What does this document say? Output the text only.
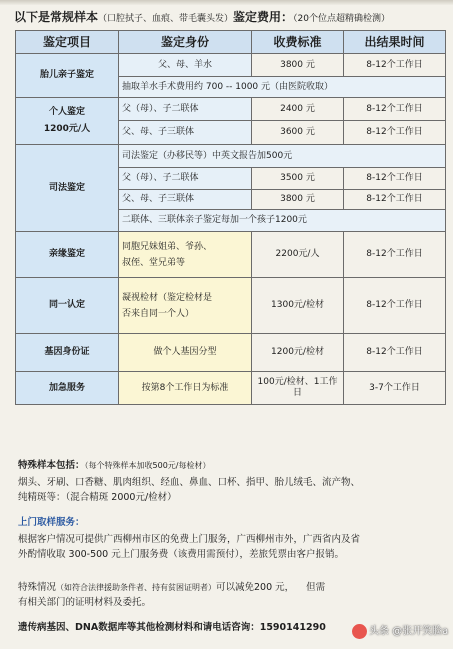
以下是常规样本（口腔拭子、血痕、带毛囊头发）鉴定费用：（20个位点超精确检测）
鉴定项目	鉴定身份	收费标准	出结果时间
胎儿亲子鉴定	父、母、羊水	3800 元	8-12个工作日
	抽取羊水手术费用约 700 -- 1000 元（由医院收取）		

个人鉴定
1200元/人	父（母）、子二联体	2400 元	8-12个工作日
	父、母、子三联体	3600 元	8-12个工作日
司法鉴定	司法鉴定（办移民等）中英文报告加500元		
	父（母）、子二联体	3500 元	8-12个工作日
	父、母、子三联体	3800 元	8-12个工作日
	二联体、三联体亲子鉴定每加一个孩子1200元		
亲缘鉴定	同胞兄妹姐弟、爷孙、
叔侄、堂兄弟等	2200元/人	8-12个工作日
同一认定	凝视检材（鉴定检材是
否来自同一个人）	1300元/检材	8-12个工作日
基因身份证	做个人基因分型	1200元/检材	8-12个工作日
加急服务	按第8个工作日为标准	100元/检材、1工作日	3-7个工作日
特殊样本包括：（每个特殊样本加收500元/每检材）
烟头、牙刷、口香糖、肌肉组织、经血、鼻血、口杯、指甲、胎儿绒毛、流产物、
纯精斑等：（混合精斑 2000元/检材）
上门取样服务：
根据客户情况可提供广西柳州市区的免费上门服务，广西柳州市外，广西省内及省
外酌情收取 300-500 元上门服务费（该费用需预付），差旅凭票由客户报销。
特殊情况（如符合法律援助条件者、持有贫困证明者）可以减免200 元， 但需
有相关部门的证明材料及委托。
遗传病基因、DNA数据库等其他检测材料和请电话咨询：1590141290	头条 @张开笑脸a
